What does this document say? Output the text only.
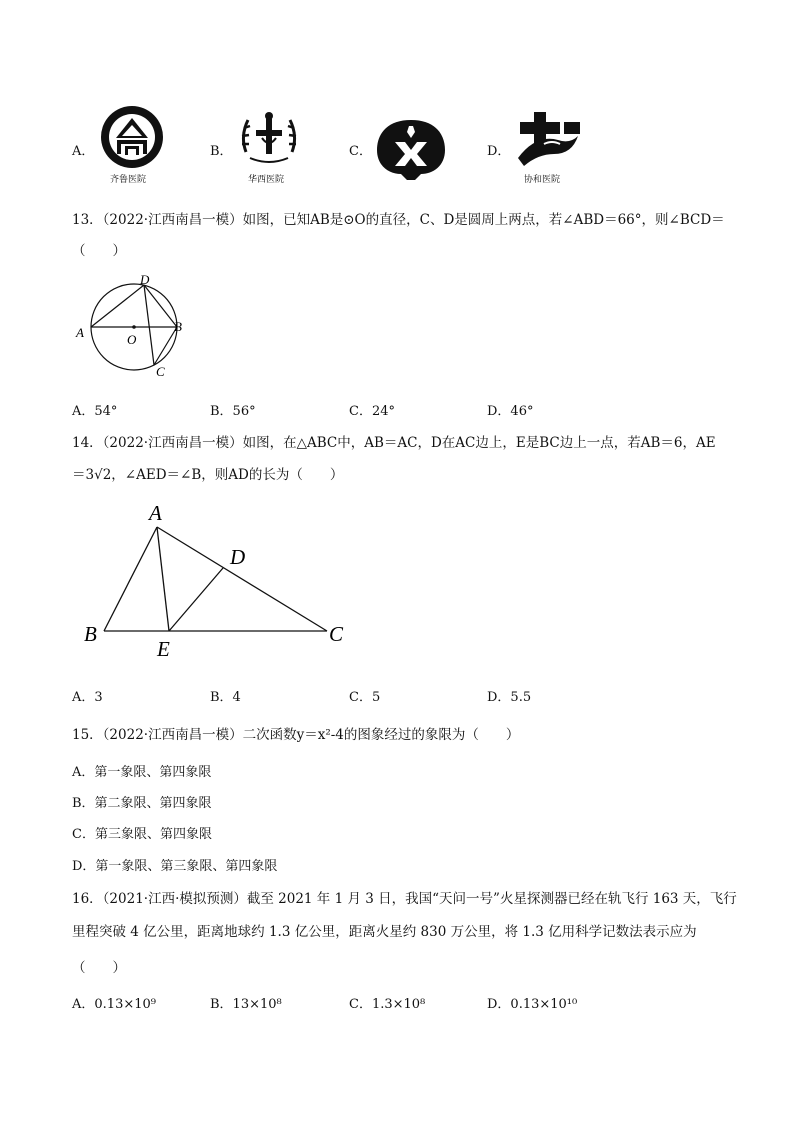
A．
齐鲁医院
B．
华西医院
C．	D．
协和医院
13．（2022·江西南昌一模）如图，已知AB是⊙O的直径，C、D是圆周上两点，若∠ABD＝66°，则∠BCD＝
（　　）
A	B
C
D
O
A．54°	B．56°	C．24°	D．46°
14．（2022·江西南昌一模）如图，在△ABC中，AB＝AC，D在AC边上，E是BC边上一点，若AB＝6，AE
＝3√2，∠AED＝∠B，则AD的长为（　　）
A
B	C
D
E
A．3	B．4	C．5	D．5.5
15．（2022·江西南昌一模）二次函数y＝x²-4的图象经过的象限为（　　）
A．第一象限、第四象限
B．第二象限、第四象限
C．第三象限、第四象限
D．第一象限、第三象限、第四象限
16．（2021·江西·模拟预测）截至 2021 年 1 月 3 日，我国“天问一号”火星探测器已经在轨飞行 163 天，飞行
里程突破 4 亿公里，距离地球约 1.3 亿公里，距离火星约 830 万公里，将 1.3 亿用科学记数法表示应为
（　　）
A．0.13×10⁹	B．13×10⁸	C．1.3×10⁸	D．0.13×10¹⁰
